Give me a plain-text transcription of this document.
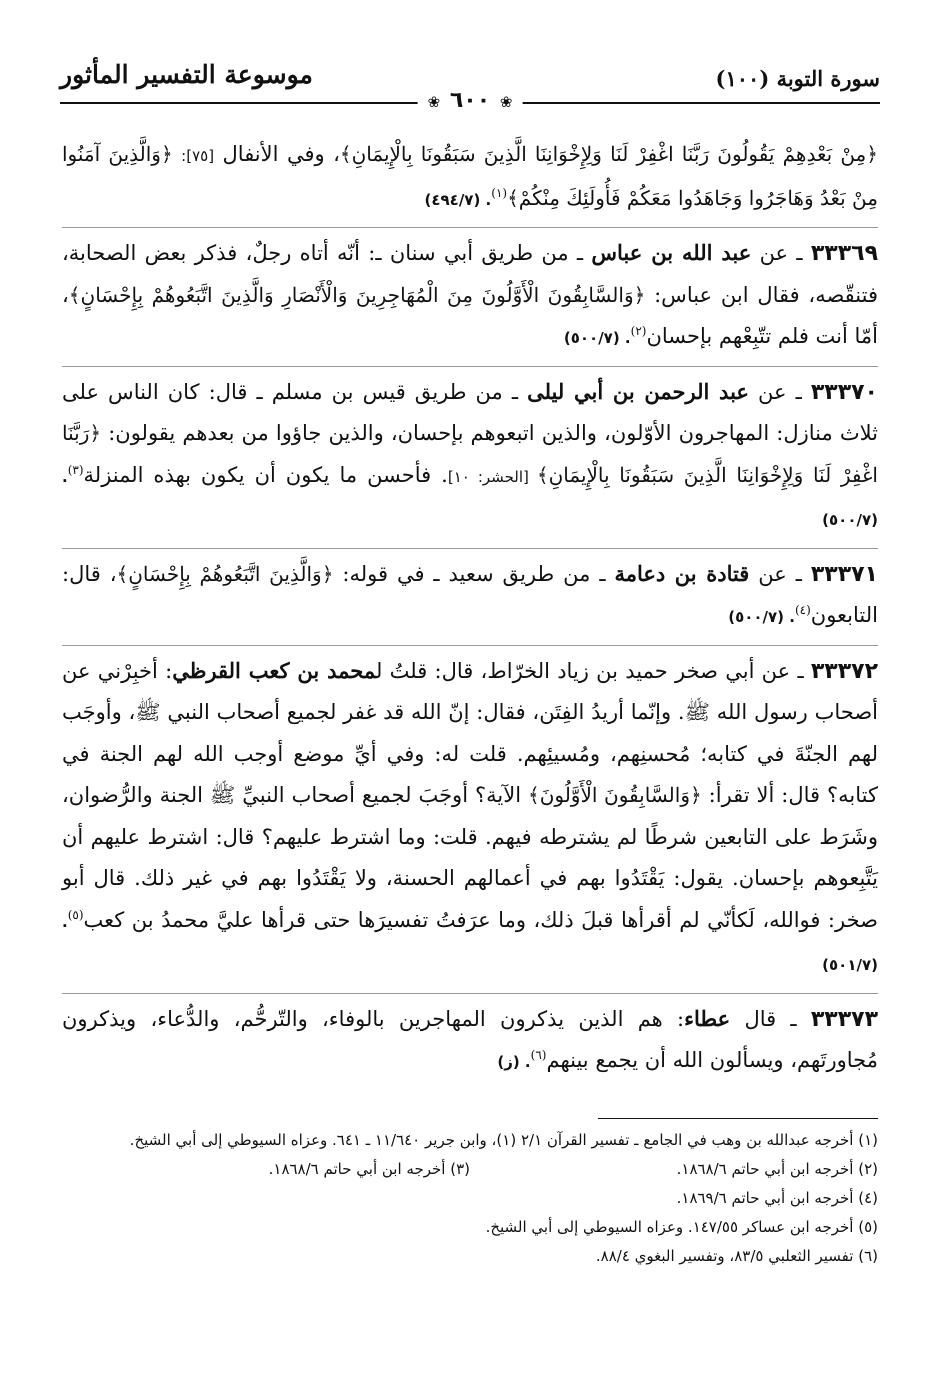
سورة التوبة (١٠٠)
موسوعة التفسير المأثور
❀ ٦٠٠ ❀

﴿مِنْ بَعْدِهِمْ يَقُولُونَ رَبَّنَا اغْفِرْ لَنَا وَلِإِخْوَانِنَا الَّذِينَ سَبَقُونَا بِالْإِيمَانِ﴾، وفي الأنفال [٧٥]: ﴿وَالَّذِينَ آمَنُوا مِنْ بَعْدُ وَهَاجَرُوا وَجَاهَدُوا مَعَكُمْ فَأُولَئِكَ مِنْكُمْ﴾$^{(١)}$. (٤٩٤/٧)

٣٣٣٦٩ ـ عن عبد الله بن عباس ـ من طريق أبي سنان ـ: أنّه أتاه رجلٌ، فذكر بعض الصحابة، فتنقّصه، فقال ابن عباس: ﴿وَالسَّابِقُونَ الْأَوَّلُونَ مِنَ الْمُهَاجِرِينَ وَالْأَنْصَارِ وَالَّذِينَ اتَّبَعُوهُمْ بِإِحْسَانٍ﴾، أمّا أنت فلم تتّبِعْهم بإحسان$^{(٢)}$. (٥٠٠/٧)

٣٣٣٧٠ ـ عن عبد الرحمن بن أبي ليلى ـ من طريق قيس بن مسلم ـ قال: كان الناس على ثلاث منازل: المهاجرون الأوّلون، والذين اتبعوهم بإحسان، والذين جاؤوا من بعدهم يقولون: ﴿رَبَّنَا اغْفِرْ لَنَا وَلِإِخْوَانِنَا الَّذِينَ سَبَقُونَا بِالْإِيمَانِ﴾ [الحشر: ١٠]. فأحسن ما يكون أن يكون بهذه المنزلة$^{(٣)}$. (٥٠٠/٧)

٣٣٣٧١ ـ عن قتادة بن دعامة ـ من طريق سعيد ـ في قوله: ﴿وَالَّذِينَ اتَّبَعُوهُمْ بِإِحْسَانٍ﴾، قال: التابعون$^{(٤)}$. (٥٠٠/٧)

٣٣٣٧٢ ـ عن أبي صخر حميد بن زياد الخرّاط، قال: قلتُ لمحمد بن كعب القرظي: أخبِرْني عن أصحاب رسول الله ﷺ. وإنّما أريدُ الفِتَن، فقال: إنّ الله قد غفر لجميع أصحاب النبي ﷺ، وأوجَب لهم الجنّةَ في كتابه؛ مُحسنِهم، ومُسيئِهم. قلت له: وفي أيِّ موضع أوجب الله لهم الجنة في كتابه؟ قال: ألا تقرأ: ﴿وَالسَّابِقُونَ الْأَوَّلُونَ﴾ الآية؟ أوجَبَ لجميع أصحاب النبيِّ ﷺ الجنة والرُّضوان، وشَرَط على التابعين شرطًا لم يشترطه فيهم. قلت: وما اشترط عليهم؟ قال: اشترط عليهم أن يَتَّبِعوهم بإحسان. يقول: يَقْتَدُوا بهم في أعمالهم الحسنة، ولا يَقْتَدُوا بهم في غير ذلك. قال أبو صخر: فوالله، لَكأنّي لم أقرأها قبلَ ذلك، وما عرَفتُ تفسيرَها حتى قرأها عليَّ محمدُ بن كعب$^{(٥)}$. (٥٠١/٧)

٣٣٣٧٣ ـ قال عطاء: هم الذين يذكرون المهاجرين بالوفاء، والتّرحُّم، والدُّعاء، ويذكرون مُجاورتَهم، ويسألون الله أن يجمع بينهم$^{(٦)}$. (ز)

(١) أخرجه عبدالله بن وهب في الجامع ـ تفسير القرآن ٢/١ (١)، وابن جرير ١١/٦٤٠ ـ ٦٤١. وعزاه السيوطي إلى أبي الشيخ.

(٢) أخرجه ابن أبي حاتم ١٨٦٨/٦.

(٣) أخرجه ابن أبي حاتم ١٨٦٨/٦.

(٤) أخرجه ابن أبي حاتم ١٨٦٩/٦.

(٥) أخرجه ابن عساكر ١٤٧/٥٥. وعزاه السيوطي إلى أبي الشيخ.

(٦) تفسير الثعلبي ٨٣/٥، وتفسير البغوي ٨٨/٤.
